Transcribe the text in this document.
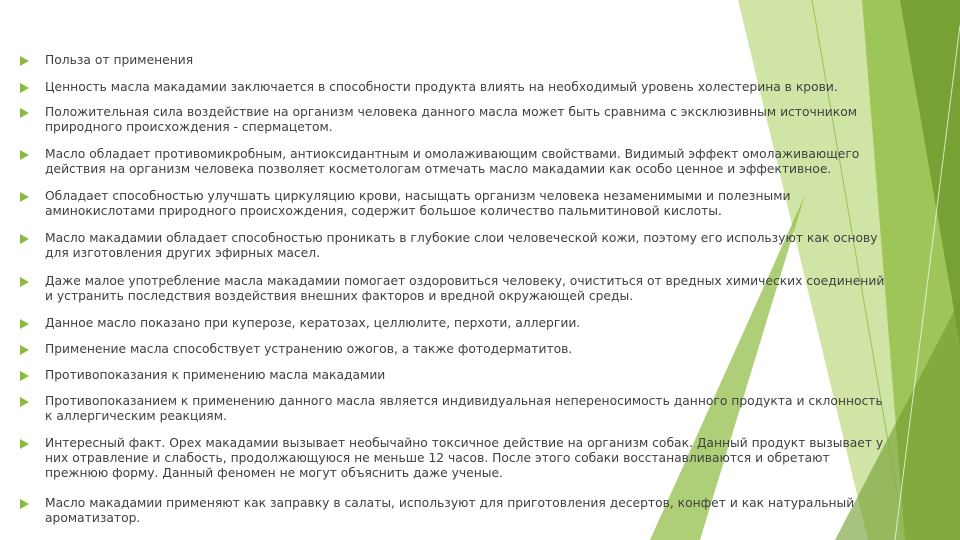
Польза от применения
Ценность масла макадамии заключается в способности продукта влиять на необходимый уровень холестерина в крови.
Положительная сила воздействие на организм человека данного масла может быть сравнима с эксклюзивным источником
природного происхождения - спермацетом.
Масло обладает противомикробным, антиоксидантным и омолаживающим свойствами. Видимый эффект омолаживающего
действия на организм человека позволяет косметологам отмечать масло макадамии как особо ценное и эффективное.
Обладает способностью улучшать циркуляцию крови, насыщать организм человека незаменимыми и полезными
аминокислотами природного происхождения, содержит большое количество пальмитиновой кислоты.
Масло макадамии обладает способностью проникать в глубокие слои человеческой кожи, поэтому его используют как основу
для изготовления других эфирных масел.
Даже малое употребление масла макадамии помогает оздоровиться человеку, очиститься от вредных химических соединений
и устранить последствия воздействия внешних факторов и вредной окружающей среды.
Данное масло показано при куперозе, кератозах, целлюлите, перхоти, аллергии.
Применение масла способствует устранению ожогов, а также фотодерматитов.
Противопоказания к применению масла макадамии
Противопоказанием к применению данного масла является индивидуальная непереносимость данного продукта и склонность
к аллергическим реакциям.
Интересный факт. Орех макадамии вызывает необычайно токсичное действие на организм собак. Данный продукт вызывает у
них отравление и слабость, продолжающуюся не меньше 12 часов. После этого собаки восстанавливаются и обретают
прежнюю форму. Данный феномен не могут объяснить даже ученые.
Масло макадамии применяют как заправку в салаты, используют для приготовления десертов, конфет и как натуральный
ароматизатор.
